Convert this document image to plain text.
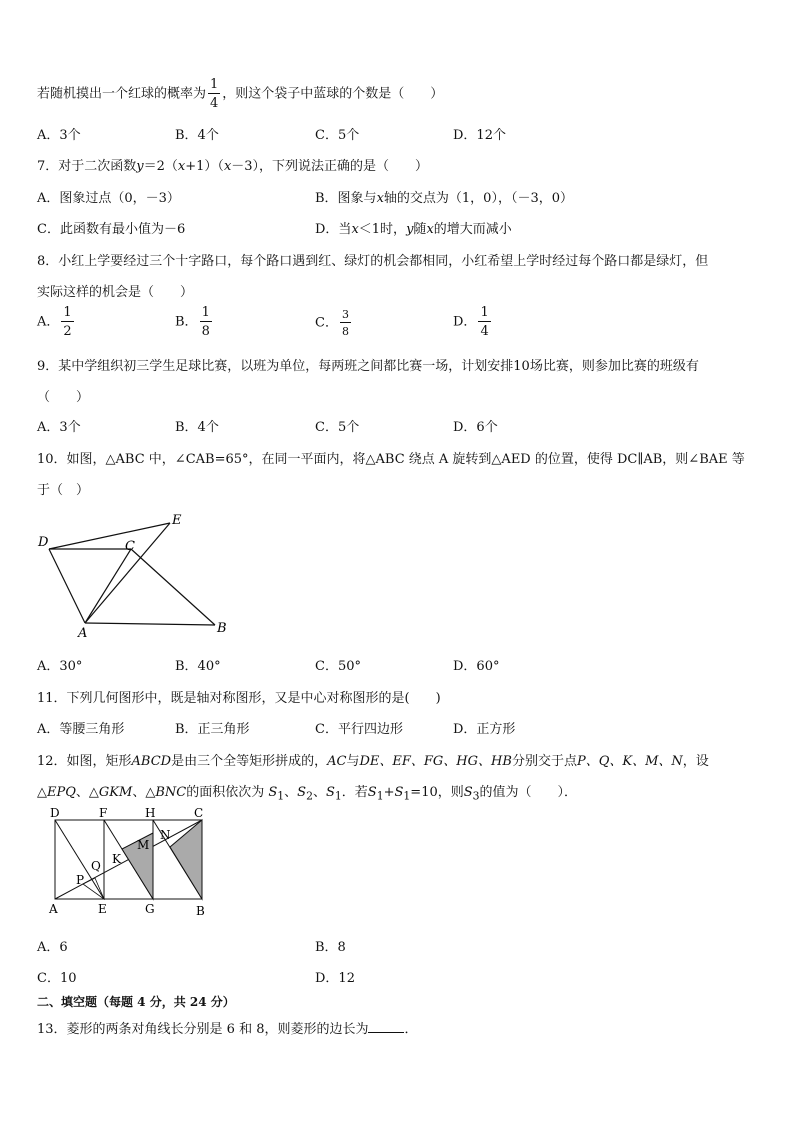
若随机摸出一个红球的概率为 $\frac{1}{4}$ ，则这个袋子中蓝球的个数是（　　）
A．3个	B．4个	C．5个	D．12个
7．对于二次函数y＝2（x+1）（x－3），下列说法正确的是（　　）
A．图象过点（0，－3）	B．图象与x轴的交点为（1，0），（－3，0）
C．此函数有最小值为－6	D．当x＜1时，y随x的增大而减小
8．小红上学要经过三个十字路口，每个路口遇到红、绿灯的机会都相同，小红希望上学时经过每个路口都是绿灯，但
实际这样的机会是（　　）
A． $\frac{1}{2}$	B． $\frac{1}{8}$	C． $\frac{3}{8}$	D． $\frac{1}{4}$
9．某中学组织初三学生足球比赛，以班为单位，每两班之间都比赛一场，计划安排10场比赛，则参加比赛的班级有
（　　）
A．3个	B．4个	C．5个	D．6个
10．如图，△ABC 中，∠CAB=65°，在同一平面内，将△ABC 绕点 A 旋转到△AED 的位置，使得 DC∥AB，则∠BAE 等
于（　）
D	C
E
A	B
A．30°	B．40°	C．50°	D．60°
11．下列几何图形中，既是轴对称图形，又是中心对称图形的是(　　)
A．等腰三角形	B．正三角形	C．平行四边形	D．正方形
12．如图，矩形ABCD是由三个全等矩形拼成的，AC与DE、EF、FG、HG、HB分别交于点P、Q、K、M、N，设
△EPQ、△GKM、△BNC的面积依次为 $S_1$、$S_2$、$S_1$．若$S_1+S_1=10$，则$S_3$的值为（　　）．
D	F	H	C
N
M
K
Q
P
A	E	G	B
A．6	B．8
C．10	D．12
二、填空题（每题 4 分，共 24 分）
13．菱形的两条对角线长分别是 6 和 8，则菱形的边长为	．
